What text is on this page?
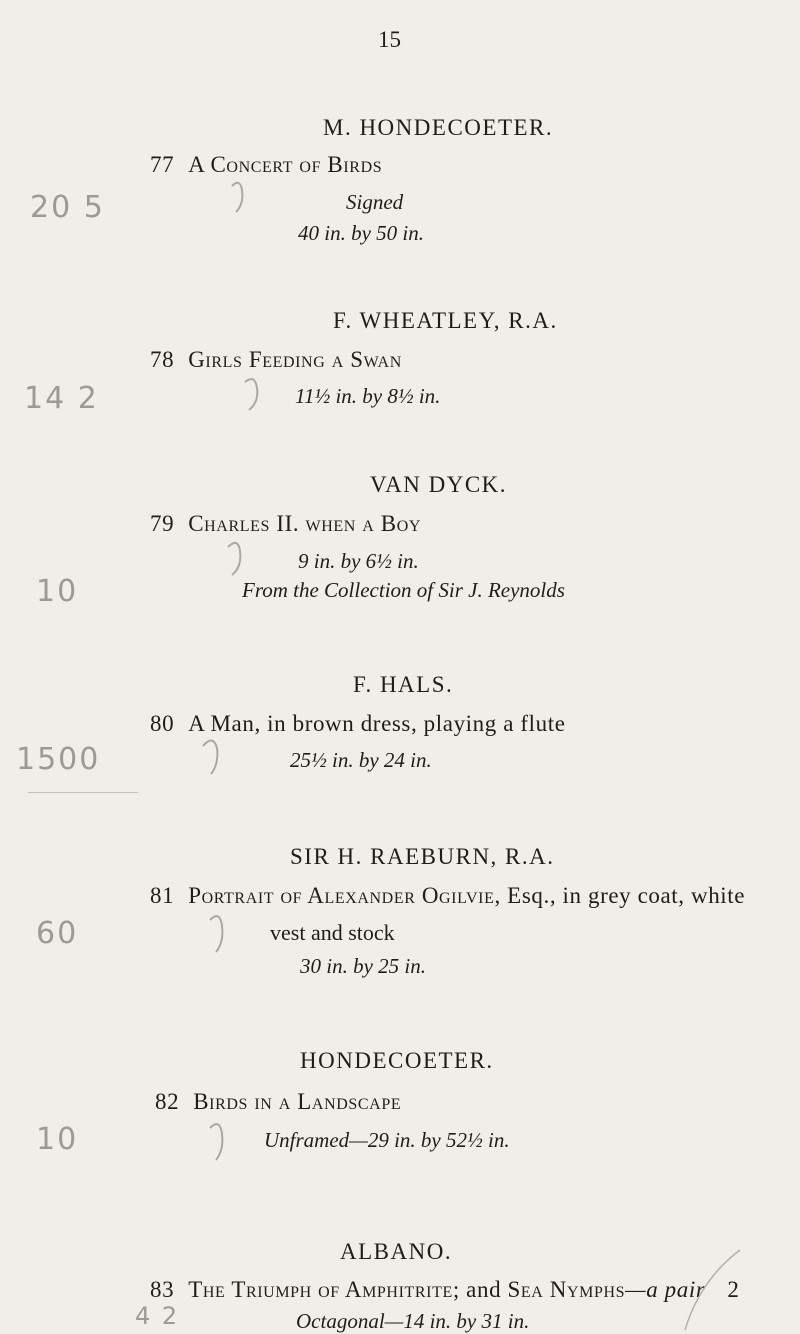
15
M. HONDECOETER.
77 A Concert of Birds
Signed
40 in. by 50 in.
20 5
F. WHEATLEY, R.A.
78 Girls Feeding a Swan
11½ in. by 8½ in.
14 2
VAN DYCK.
79 Charles II. when a Boy
9 in. by 6½ in.
From the Collection of Sir J. Reynolds
10
F. HALS.
80 A Man, in brown dress, playing a flute
25½ in. by 24 in.
1500
SIR H. RAEBURN, R.A.
81 Portrait of Alexander Ogilvie, Esq., in grey coat, white
vest and stock
30 in. by 25 in.
60
HONDECOETER.
82 Birds in a Landscape
Unframed—29 in. by 52½ in.
10
ALBANO.
83 The Triumph of Amphitrite; and Sea Nymphs—a pair 2
Octagonal—14 in. by 31 in.
4 2
